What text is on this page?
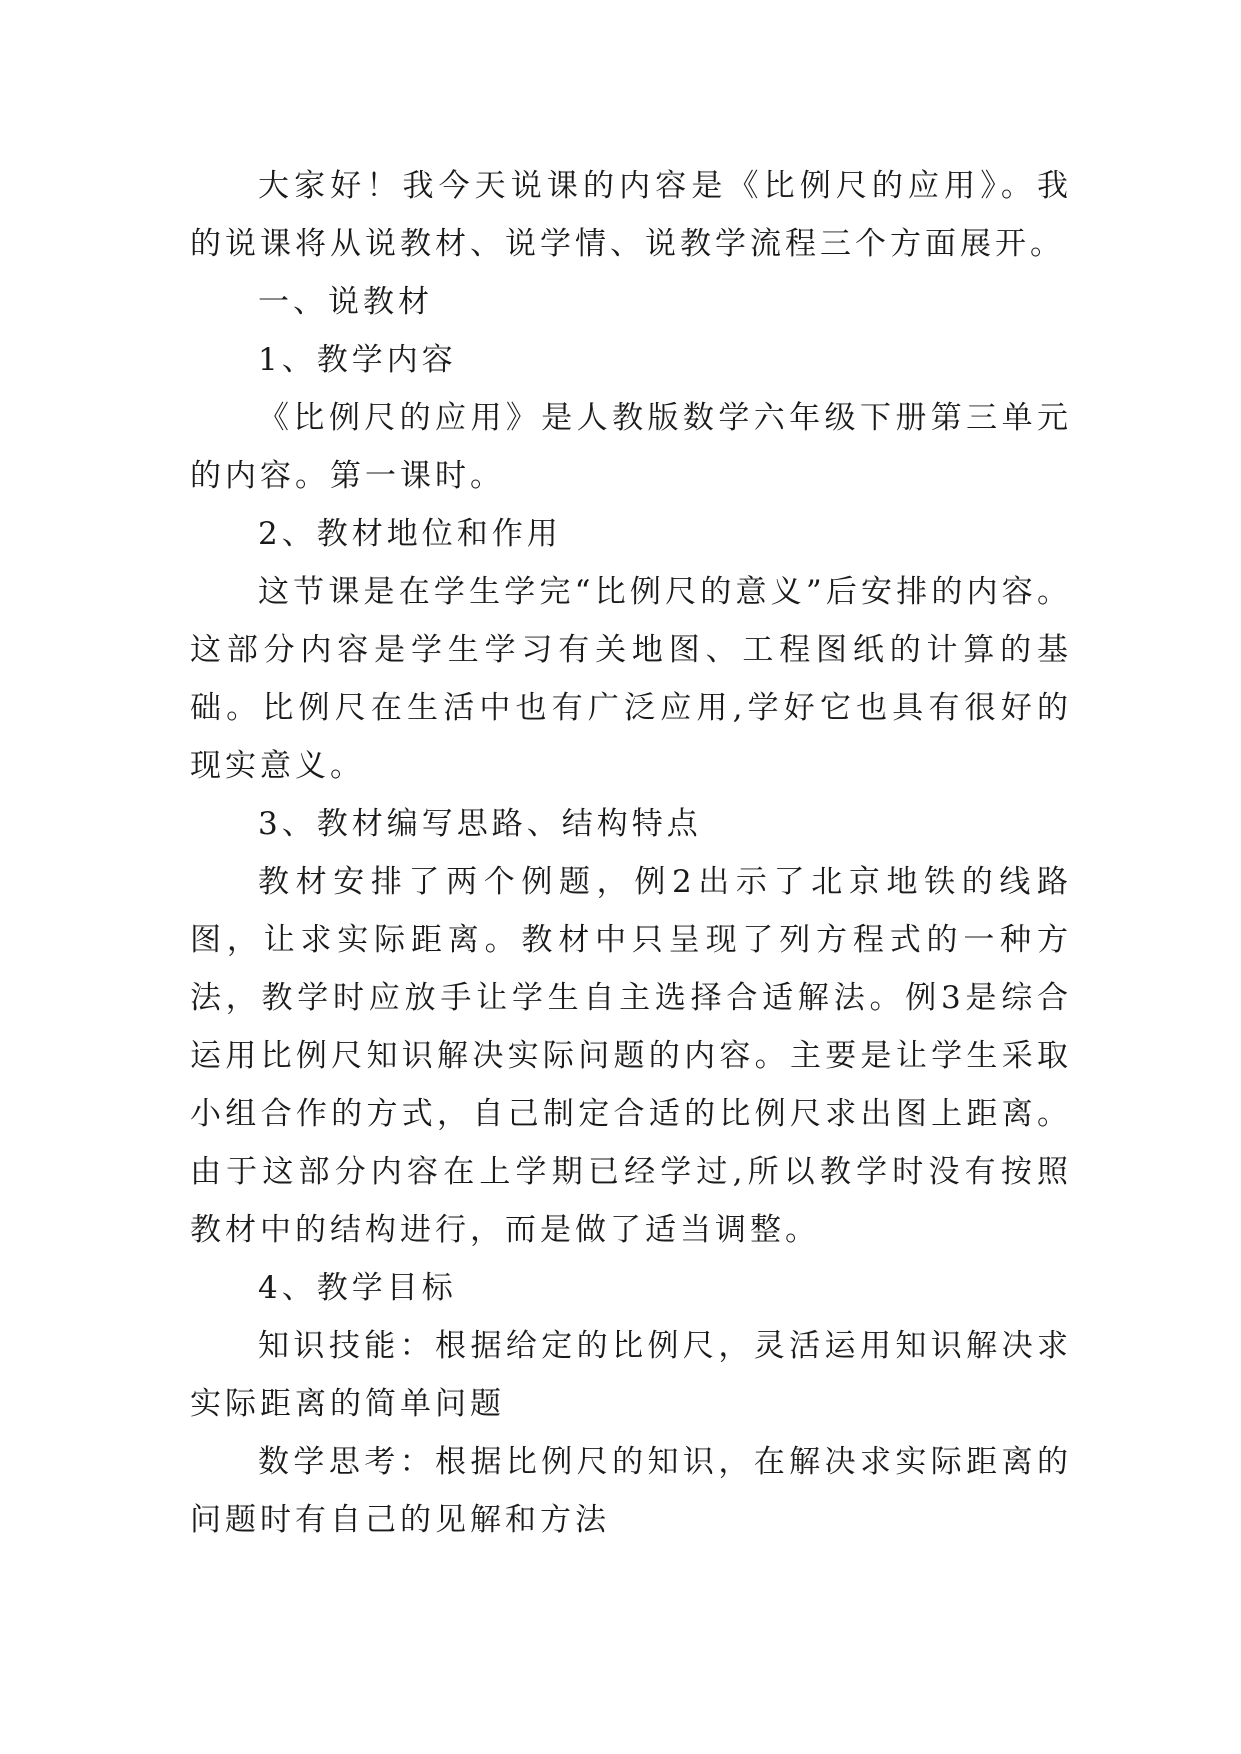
大家好！我今天说课的内容是《比例尺的应用》。我的说课将从说教材、说学情、说教学流程三个方面展开。

一、说教材

1、教学内容

《比例尺的应用》是人教版数学六年级下册第三单元的内容。第一课时。

2、教材地位和作用

这节课是在学生学完“比例尺的意义”后安排的内容。这部分内容是学生学习有关地图、工程图纸的计算的基础。比例尺在生活中也有广泛应用,学好它也具有很好的现实意义。

3、教材编写思路、结构特点

教材安排了两个例题，例2出示了北京地铁的线路图，让求实际距离。教材中只呈现了列方程式的一种方法，教学时应放手让学生自主选择合适解法。例3是综合运用比例尺知识解决实际问题的内容。主要是让学生采取小组合作的方式，自己制定合适的比例尺求出图上距离。由于这部分内容在上学期已经学过,所以教学时没有按照教材中的结构进行，而是做了适当调整。

4、教学目标

知识技能：根据给定的比例尺，灵活运用知识解决求实际距离的简单问题

数学思考：根据比例尺的知识，在解决求实际距离的问题时有自己的见解和方法
